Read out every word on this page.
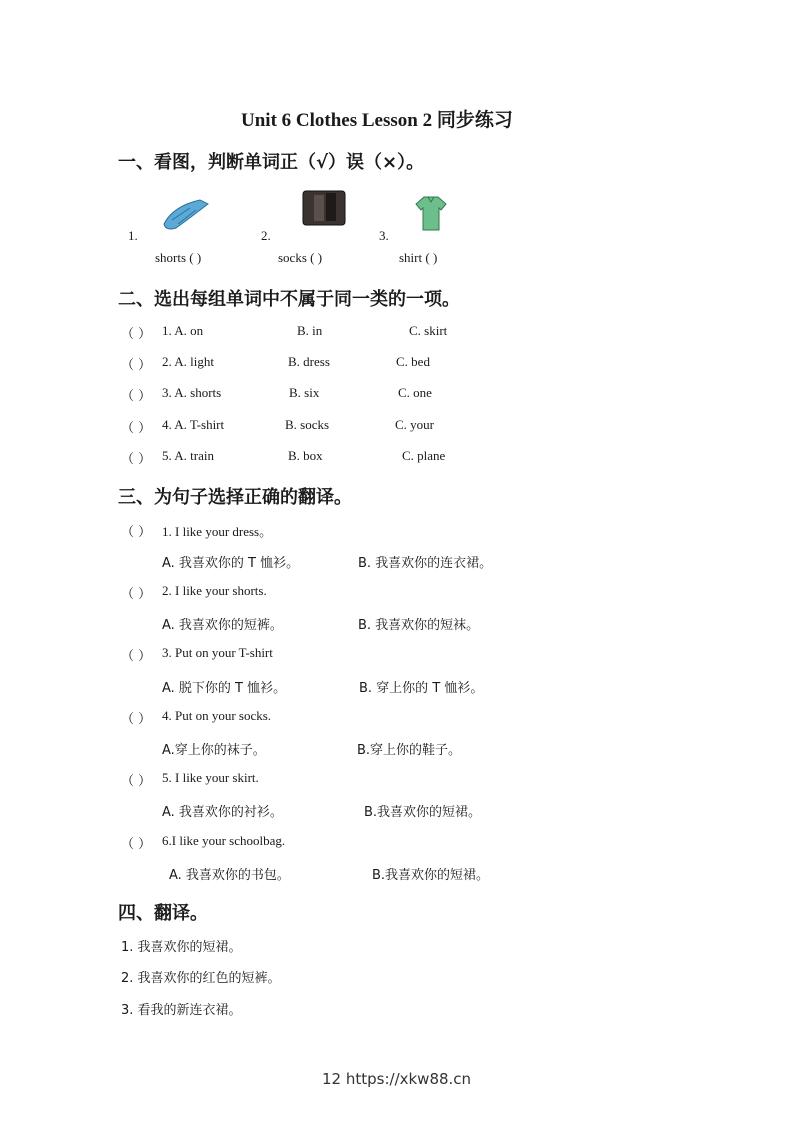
Unit 6 Clothes Lesson 2 同步练习
一、看图，判断单词正（√）误（×）。
1.
shorts ( )
2.
socks ( )
3.
shirt ( )
二、选出每组单词中不属于同一类的一项。
（ ） 1. A. on	B. in	C. skirt
（ ） 2. A. light	B. dress	C. bed
（ ） 3. A. shorts	B. six	C. one
（ ） 4. A. T-shirt	B. socks	C. your
（ ） 5. A. train	B. box	C. plane
三、为句子选择正确的翻译。
（ ） 1. I like your dress。
A. 我喜欢你的 T 恤衫。	B. 我喜欢你的连衣裙。
（ ） 2. I like your shorts.
A. 我喜欢你的短裤。	B. 我喜欢你的短袜。
（ ） 3. Put on your T-shirt
A. 脱下你的 T 恤衫。	B. 穿上你的 T 恤衫。
（ ） 4. Put on your socks.
A.穿上你的袜子。	B.穿上你的鞋子。
（ ） 5. I like your skirt.
A. 我喜欢你的衬衫。	B.我喜欢你的短裙。
（ ） 6.I like your schoolbag.
A. 我喜欢你的书包。	B.我喜欢你的短裙。
四、翻译。
1. 我喜欢你的短裙。
2. 我喜欢你的红色的短裤。
3. 看我的新连衣裙。
12 https://xkw88.cn
